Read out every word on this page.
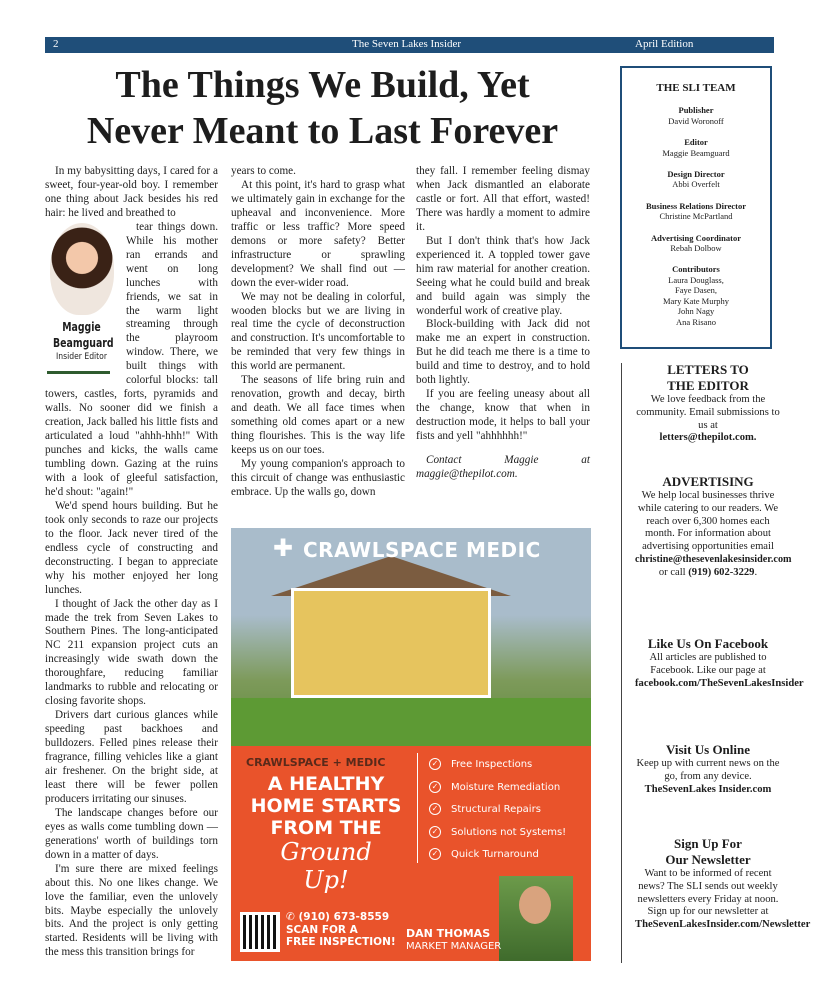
2	The Seven Lakes Insider	April Edition
The Things We Build, Yet
Never Meant to Last Forever

In my babysitting days, I cared for a sweet, four-year-old boy. I remember one thing about Jack besides his red hair: he lived and breathed to

Maggie
Beamguard
Insider Editor

tear things down. While his mother ran errands and went on long lunches with friends, we sat in the warm light streaming through the playroom window. There, we built things with colorful blocks: tall towers, castles, forts, pyramids and walls. No sooner did we finish a creation, Jack balled his little fists and articulated a loud "ahhh-hhh!" With punches and kicks, the walls came tumbling down. Gazing at the ruins with a look of gleeful satisfaction, he'd shout: "again!"

We'd spend hours building. But he took only seconds to raze our projects to the floor. Jack never tired of the endless cycle of constructing and deconstructing. I began to appreciate why his mother enjoyed her long lunches.

I thought of Jack the other day as I made the trek from Seven Lakes to Southern Pines. The long-anticipated NC 211 expansion project cuts an increasingly wide swath down the thoroughfare, reducing familiar landmarks to rubble and relocating or closing favorite shops.

Drivers dart curious glances while speeding past backhoes and bulldozers. Felled pines release their fragrance, filling vehicles like a giant air freshener. On the bright side, at least there will be fewer pollen producers irritating our sinuses.

The landscape changes before our eyes as walls come tumbling down — generations' worth of buildings torn down in a matter of days.

I'm sure there are mixed feelings about this. No one likes change. We love the familiar, even the unlovely bits. Maybe especially the unlovely bits. And the project is only getting started. Residents will be living with the mess this transition brings for

years to come.

At this point, it's hard to grasp what we ultimately gain in exchange for the upheaval and inconvenience. More traffic or less traffic? More speed demons or more safety? Better infrastructure or sprawling development? We shall find out — down the ever-wider road.

We may not be dealing in colorful, wooden blocks but we are living in real time the cycle of deconstruction and construction. It's uncomfortable to be reminded that very few things in this world are permanent.

The seasons of life bring ruin and renovation, growth and decay, birth and death. We all face times when something old comes apart or a new thing flourishes. This is the way life keeps us on our toes.

My young companion's approach to this circuit of change was enthusiastic embrace. Up the walls go, down

they fall. I remember feeling dismay when Jack dismantled an elaborate castle or fort. All that effort, wasted! There was hardly a moment to admire it.

But I don't think that's how Jack experienced it. A toppled tower gave him raw material for another creation. Seeing what he could build and break and build again was simply the wonderful work of creative play.

Block-building with Jack did not make me an expert in construction. But he did teach me there is a time to build and time to destroy, and to hold both lightly.

If you are feeling uneasy about all the change, know that when in destruction mode, it helps to ball your fists and yell "ahhhhhh!"

Contact Maggie at maggie@thepilot.com.

✚ CRAWLSPACE MEDIC
CRAWLSPACE + MEDIC
A HEALTHY HOME STARTS FROM THE
Ground Up!
✓ Free Inspections
✓ Moisture Remediation
✓ Structural Repairs
✓ Solutions not Systems!
✓ Quick Turnaround
✆ (910) 673-8559
SCAN FOR A
FREE INSPECTION!
DAN THOMAS
MARKET MANAGER
THE SLI TEAM
Publisher
David Woronoff
Editor
Maggie Beamguard
Design Director
Abbi Overfelt
Business Relations Director
Christine McPartland
Advertising Coordinator
Rebah Dolbow
Contributors
Laura Douglass,
Faye Dasen,
Mary Kate Murphy
John Nagy
Ana Risano
LETTERS TO
THE EDITOR
We love feedback from the community. Email submissions to us at
letters@thepilot.com.
ADVERTISING
We help local businesses thrive while catering to our readers. We reach over 6,300 homes each month. For information about advertising opportunities email
christine@thesevenlakesinsider.com
or call (919) 602-3229.
Like Us On Facebook
All articles are published to Facebook. Like our page at
facebook.com/TheSevenLakesInsider
Visit Us Online
Keep up with current news on the go, from any device.
TheSevenLakes Insider.com
Sign Up For
Our Newsletter
Want to be informed of recent news? The SLI sends out weekly newsletters every Friday at noon. Sign up for our newsletter at
TheSevenLakesInsider.com/Newsletter
